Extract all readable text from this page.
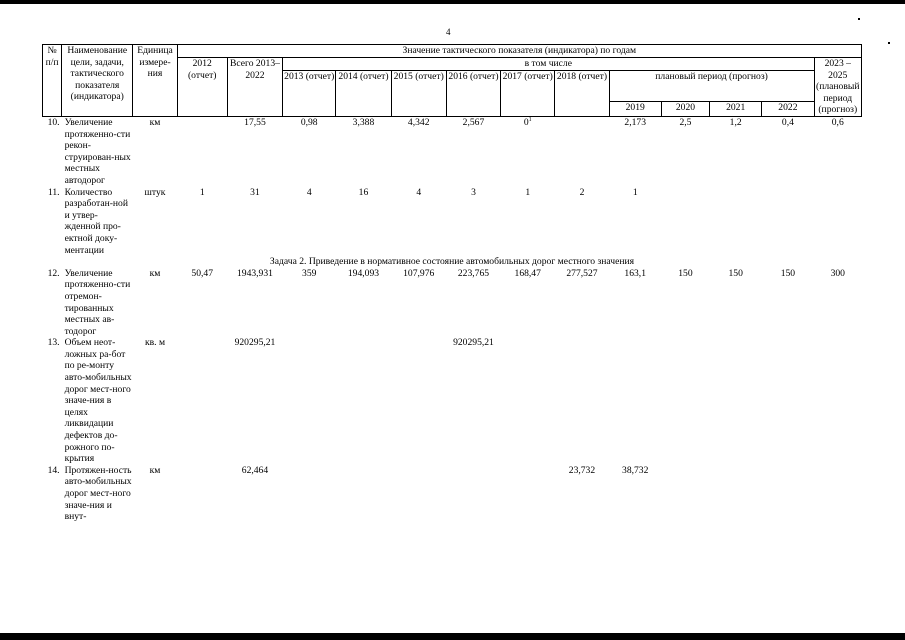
4
№ п/п	Наименование цели, задачи, тактического показателя (индикатора)	Единица измере-ния	Значение тактического показателя (индикатора) по годам												
			2012 (отчет)	Всего 2013–2022	в том числе										2023 – 2025 (плановый период (прогноз)
					2013 (отчет)	2014 (отчет)	2015 (отчет)	2016 (отчет)	2017 (отчет)	2018 (отчет)	плановый период (прогноз)				
											2019	2020	2021	2022	
10.	Увеличение протяженно-сти рекон-струирован-ных местных автодорог	км		17,55	0,98	3,388	4,342	2,567	$0^1$		2,173	2,5	1,2	0,4	0,6
11.	Количество разработан-ной и утвер-жденной про-ектной доку-ментации	штук	1	31	4	16	4	3	1	2	1				
Задача 2. Приведение в нормативное состояние автомобильных дорог местного значения															
12.	Увеличение протяженно-сти отремон-тированных местных ав-тодорог	км	50,47	1943,931	359	194,093	107,976	223,765	168,47	277,527	163,1	150	150	150	300
13.	Объем неот-ложных ра-бот по ре-монту авто-мобильных дорог мест-ного значе-ния в целях ликвидации дефектов до-рожного по-крытия	кв. м		920295,21				920295,21							
14.	Протяжен-ность авто-мобильных дорог мест-ного значе-ния и внут-	км		62,464						23,732	38,732				
